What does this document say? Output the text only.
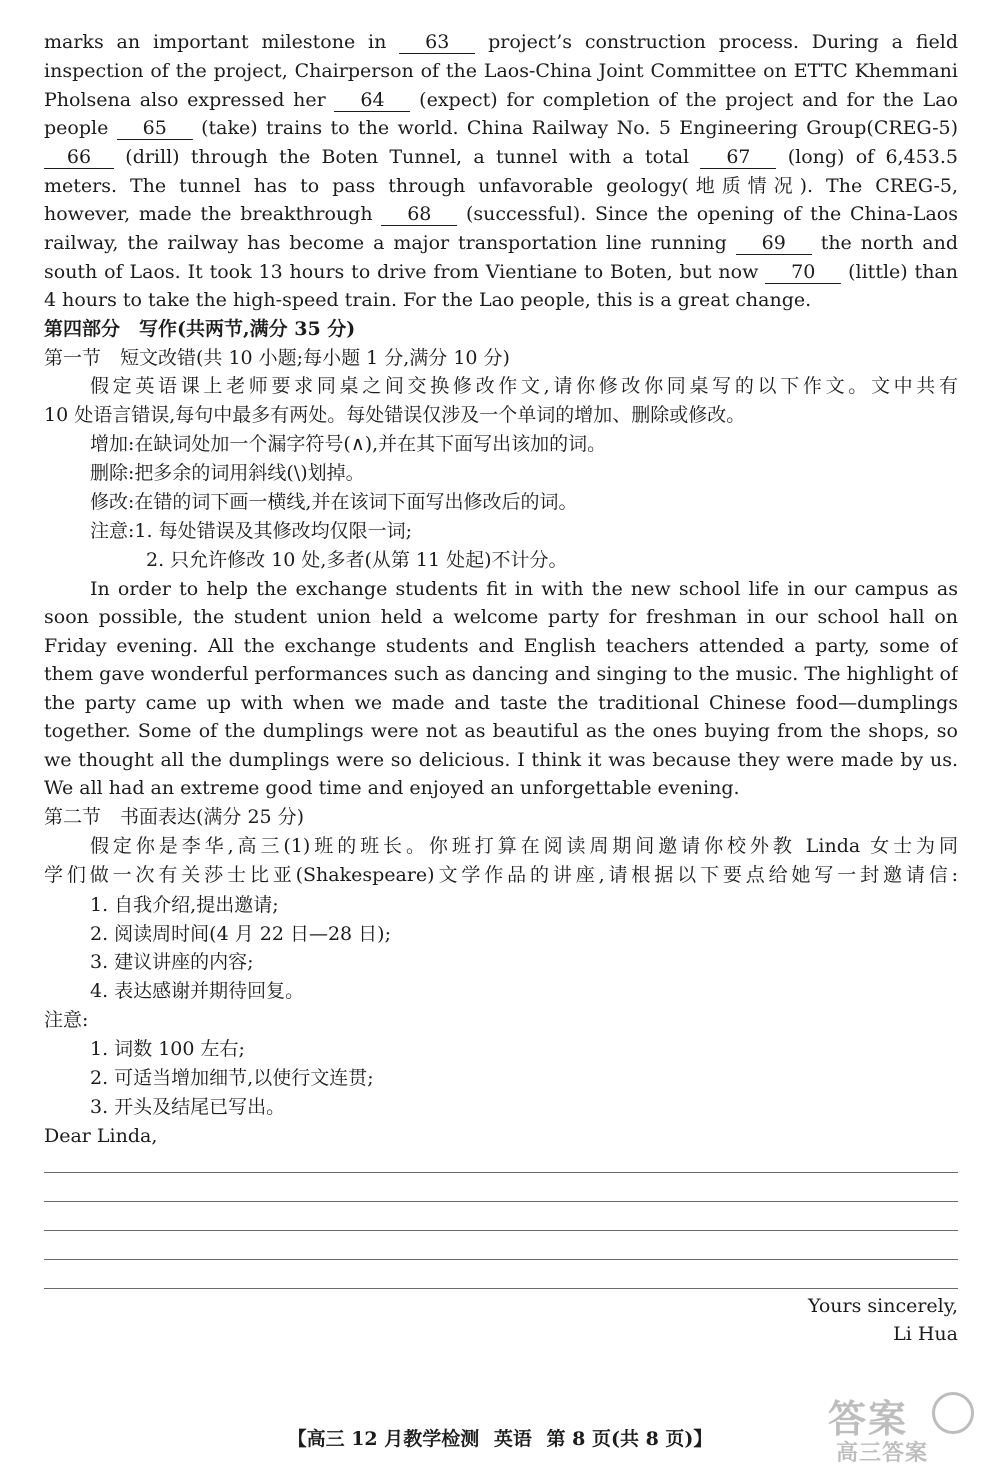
marks an important milestone in 63 project’s construction process. During a field
inspection of the project, Chairperson of the Laos-China Joint Committee on ETTC Khemmani
Pholsena also expressed her 64 (expect) for completion of the project and for the Lao
people 65 (take) trains to the world. China Railway No. 5 Engineering Group(CREG-5)
66 (drill) through the Boten Tunnel, a tunnel with a total 67 (long) of 6,453.5
meters. The tunnel has to pass through unfavorable geology(地质情况). The CREG-5,
however, made the breakthrough 68 (successful). Since the opening of the China-Laos
railway, the railway has become a major transportation line running 69 the north and
south of Laos. It took 13 hours to drive from Vientiane to Boten, but now 70 (little) than
4 hours to take the high-speed train. For the Lao people, this is a great change.
第四部分　写作(共两节,满分 35 分)
第一节　短文改错(共 10 小题;每小题 1 分,满分 10 分)
假定英语课上老师要求同桌之间交换修改作文,请你修改你同桌写的以下作文。文中共有
10 处语言错误,每句中最多有两处。每处错误仅涉及一个单词的增加、删除或修改。
增加:在缺词处加一个漏字符号(∧),并在其下面写出该加的词。
删除:把多余的词用斜线(\)划掉。
修改:在错的词下画一横线,并在该词下面写出修改后的词。
注意:1. 每处错误及其修改均仅限一词;
2. 只允许修改 10 处,多者(从第 11 处起)不计分。
In order to help the exchange students fit in with the new school life in our campus as
soon possible, the student union held a welcome party for freshman in our school hall on
Friday evening. All the exchange students and English teachers attended a party, some of
them gave wonderful performances such as dancing and singing to the music. The highlight of
the party came up with when we made and taste the traditional Chinese food—dumplings
together. Some of the dumplings were not as beautiful as the ones buying from the shops, so
we thought all the dumplings were so delicious. I think it was because they were made by us.
We all had an extreme good time and enjoyed an unforgettable evening.
第二节　书面表达(满分 25 分)
假定你是李华,高三(1)班的班长。你班打算在阅读周期间邀请你校外教 Linda 女士为同
学们做一次有关莎士比亚(Shakespeare)文学作品的讲座,请根据以下要点给她写一封邀请信:
1. 自我介绍,提出邀请;
2. 阅读周时间(4 月 22 日—28 日);
3. 建议讲座的内容;
4. 表达感谢并期待回复。
注意:
1. 词数 100 左右;
2. 可适当增加细节,以使行文连贯;
3. 开头及结尾已写出。
Dear Linda,
Yours sincerely,
Li Hua
【高三 12 月教学检测 英语 第 8 页(共 8 页)】	答案
高三答案
